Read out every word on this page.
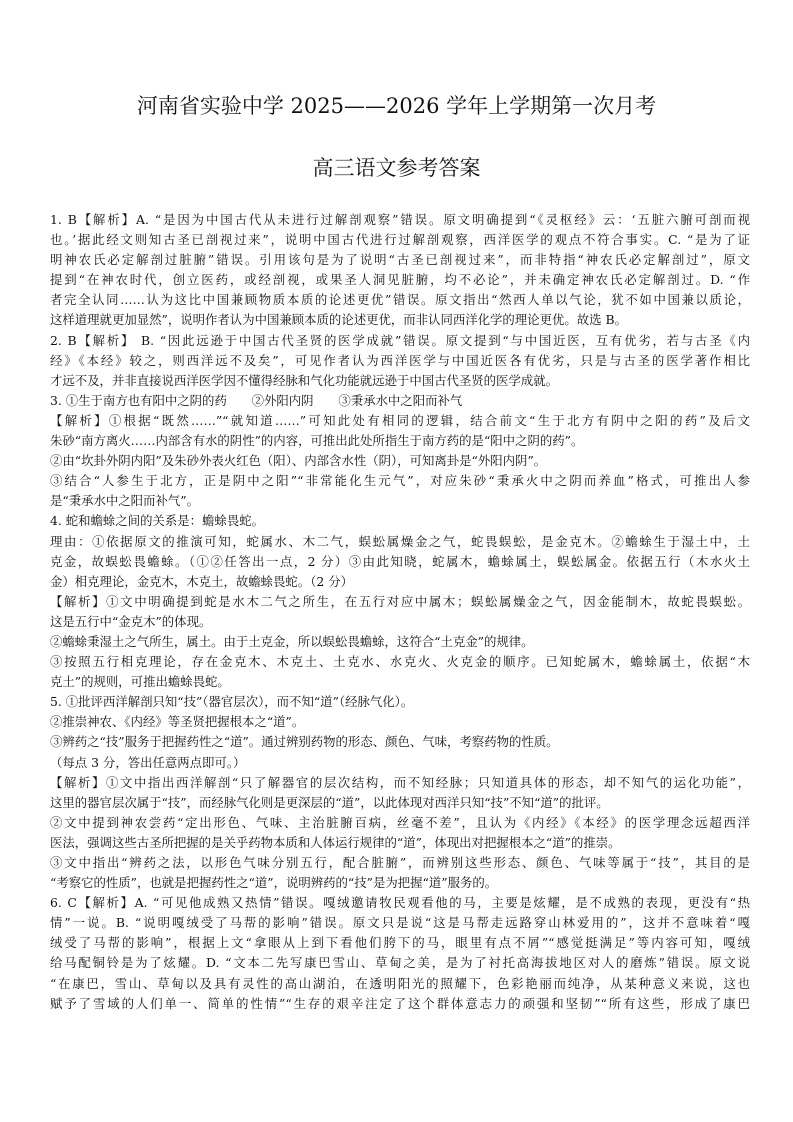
河南省实验中学 2025——2026 学年上学期第一次月考
高三语文参考答案
1. B【解析】A. “是因为中国古代从未进行过解剖观察”错误。原文明确提到“《灵枢经》云：‘五脏六腑可剖而视
也。’据此经文则知古圣已剖视过来”，说明中国古代进行过解剖观察，西洋医学的观点不符合事实。C. “是为了证
明神农氏必定解剖过脏腑”错误。引用该句是为了说明“古圣已剖视过来”，而非特指“神农氏必定解剖过”，原文
提到“在神农时代，创立医药，或经剖视，或果圣人洞见脏腑，均不必论”，并未确定神农氏必定解剖过。D. “作
者完全认同……认为这比中国兼顾物质本质的论述更优”错误。原文指出“然西人单以气论，犹不如中国兼以质论，
这样道理就更加显然”，说明作者认为中国兼顾本质的论述更优，而非认同西洋化学的理论更优。故选 B。
2. B【解析】 B. “因此远逊于中国古代圣贤的医学成就”错误。原文提到“与中国近医，互有优劣，若与古圣《内
经》《本经》较之，则西洋远不及矣”，可见作者认为西洋医学与中国近医各有优劣，只是与古圣的医学著作相比
才远不及，并非直接说西洋医学因不懂得经脉和气化功能就远逊于中国古代圣贤的医学成就。
3. ①生于南方也有阳中之阴的药　　②外阳内阴　　③秉承水中之阳而补气
【解析】①根据“既然……”“就知道……”可知此处有相同的逻辑，结合前文“生于北方有阴中之阳的药”及后文
朱砂“南方离火……内部含有水的阴性”的内容，可推出此处所指生于南方药的是“阳中之阴的药”。
②由“坎卦外阴内阳”及朱砂外表火红色（阳）、内部含水性（阴），可知离卦是“外阳内阴”。
③结合“人参生于北方，正是阴中之阳”“非常能化生元气”，对应朱砂“秉承火中之阴而养血”格式，可推出人参
是“秉承水中之阳而补气”。
4. 蛇和蟾蜍之间的关系是：蟾蜍畏蛇。
理由：①依据原文的推演可知，蛇属水、木二气，蜈蚣属燥金之气，蛇畏蜈蚣，是金克木。②蟾蜍生于湿土中，土
克金，故蜈蚣畏蟾蜍。（①②任答出一点，2 分）③由此知晓，蛇属木，蟾蜍属土，蜈蚣属金。依据五行（木水火土
金）相克理论，金克木，木克土，故蟾蜍畏蛇。（2 分）
【解析】①文中明确提到蛇是水木二气之所生，在五行对应中属木；蜈蚣属燥金之气，因金能制木，故蛇畏蜈蚣。
这是五行中“金克木”的体现。
②蟾蜍秉湿土之气所生，属土。由于土克金，所以蜈蚣畏蟾蜍，这符合“土克金”的规律。
③按照五行相克理论，存在金克木、木克土、土克水、水克火、火克金的顺序。已知蛇属木，蟾蜍属土，依据“木
克土”的规则，可推出蟾蜍畏蛇。
5. ①批评西洋解剖只知“技”（器官层次），而不知“道”（经脉气化）。
②推崇神农、《内经》等圣贤把握根本之“道”。
③辨药之“技”服务于把握药性之“道”。通过辨别药物的形态、颜色、气味，考察药物的性质。
（每点 3 分，答出任意两点即可。）
【解析】①文中指出西洋解剖“只了解器官的层次结构，而不知经脉；只知道具体的形态，却不知气的运化功能”，
这里的器官层次属于“技”，而经脉气化则是更深层的“道”，以此体现对西洋只知“技”不知“道”的批评。
②文中提到神农尝药“定出形色、气味、主治脏腑百病，丝毫不差”，且认为《内经》《本经》的医学理念远超西洋
医法，强调这些古圣所把握的是关乎药物本质和人体运行规律的“道”，体现出对把握根本之“道”的推崇。
③文中指出“辨药之法，以形色气味分别五行，配合脏腑”，而辨别这些形态、颜色、气味等属于“技”，其目的是
“考察它的性质”，也就是把握药性之“道”，说明辨药的“技”是为把握“道”服务的。
6. C【解析】A. “可见他成熟又热情”错误。嘎绒邀请牧民观看他的马，主要是炫耀，是不成熟的表现，更没有“热
情”一说。B. “说明嘎绒受了马帮的影响”错误。原文只是说“这是马帮走远路穿山林爱用的”，这并不意味着“嘎
绒受了马帮的影响”，根据上文“拿眼从上到下看他们胯下的马，眼里有点不屑”“感觉挺满足”等内容可知，嘎绒
给马配铜铃是为了炫耀。D. “文本二先写康巴雪山、草甸之美，是为了衬托高海拔地区对人的磨炼”错误。原文说
“在康巴，雪山、草甸以及具有灵性的高山湖泊，在透明阳光的照耀下，色彩艳丽而纯净，从某种意义来说，这也
赋予了雪域的人们单一、简单的性情”“生存的艰辛注定了这个群体意志力的顽强和坚韧”“所有这些，形成了康巴
